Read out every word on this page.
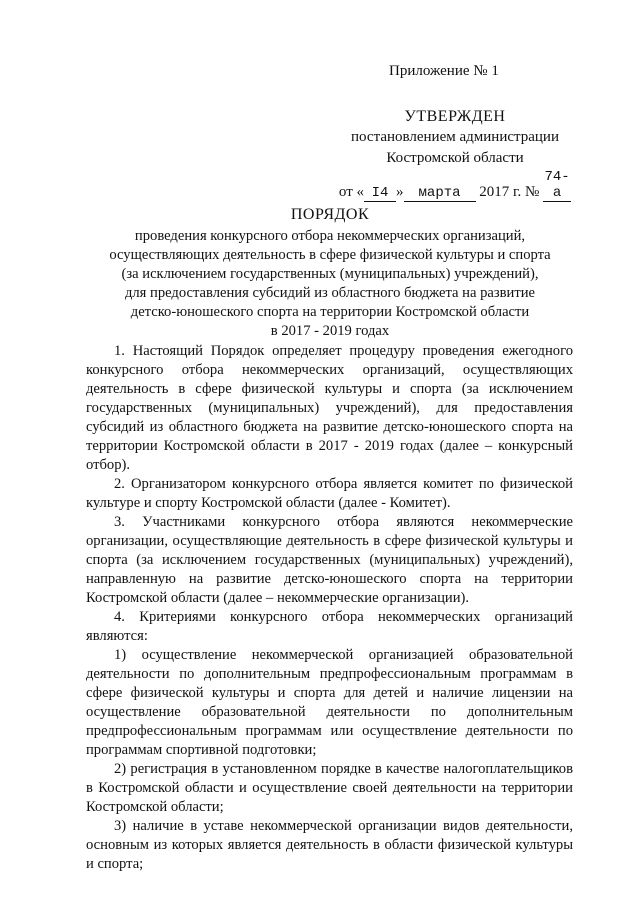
Приложение № 1
УТВЕРЖДЕН
постановлением администрации
Костромской области
от « I4 » марта 2017 г. № 74-а
ПОРЯДОК
проведения конкурсного отбора некоммерческих организаций,
осуществляющих деятельность в сфере физической культуры и спорта
(за исключением государственных (муниципальных) учреждений),
для предоставления субсидий из областного бюджета на развитие
детско-юношеского спорта на территории Костромской области
в 2017 - 2019 годах

1. Настоящий Порядок определяет процедуру проведения ежегодного конкурсного отбора некоммерческих организаций, осуществляющих деятельность в сфере физической культуры и спорта (за исключением государственных (муниципальных) учреждений), для предоставления субсидий из областного бюджета на развитие детско-юношеского спорта на территории Костромской области в 2017 - 2019 годах (далее – конкурсный отбор).

2. Организатором конкурсного отбора является комитет по физической культуре и спорту Костромской области (далее - Комитет).

3. Участниками конкурсного отбора являются некоммерческие организации, осуществляющие деятельность в сфере физической культуры и спорта (за исключением государственных (муниципальных) учреждений), направленную на развитие детско-юношеского спорта на территории Костромской области (далее – некоммерческие организации).

4. Критериями конкурсного отбора некоммерческих организаций являются:

1) осуществление некоммерческой организацией образовательной деятельности по дополнительным предпрофессиональным программам в сфере физической культуры и спорта для детей и наличие лицензии на осуществление образовательной деятельности по дополнительным предпрофессиональным программам или осуществление деятельности по программам спортивной подготовки;

2) регистрация в установленном порядке в качестве налогоплательщиков в Костромской области и осуществление своей деятельности на территории Костромской области;

3) наличие в уставе некоммерческой организации видов деятельности, основным из которых является деятельность в области физической культуры и спорта;
